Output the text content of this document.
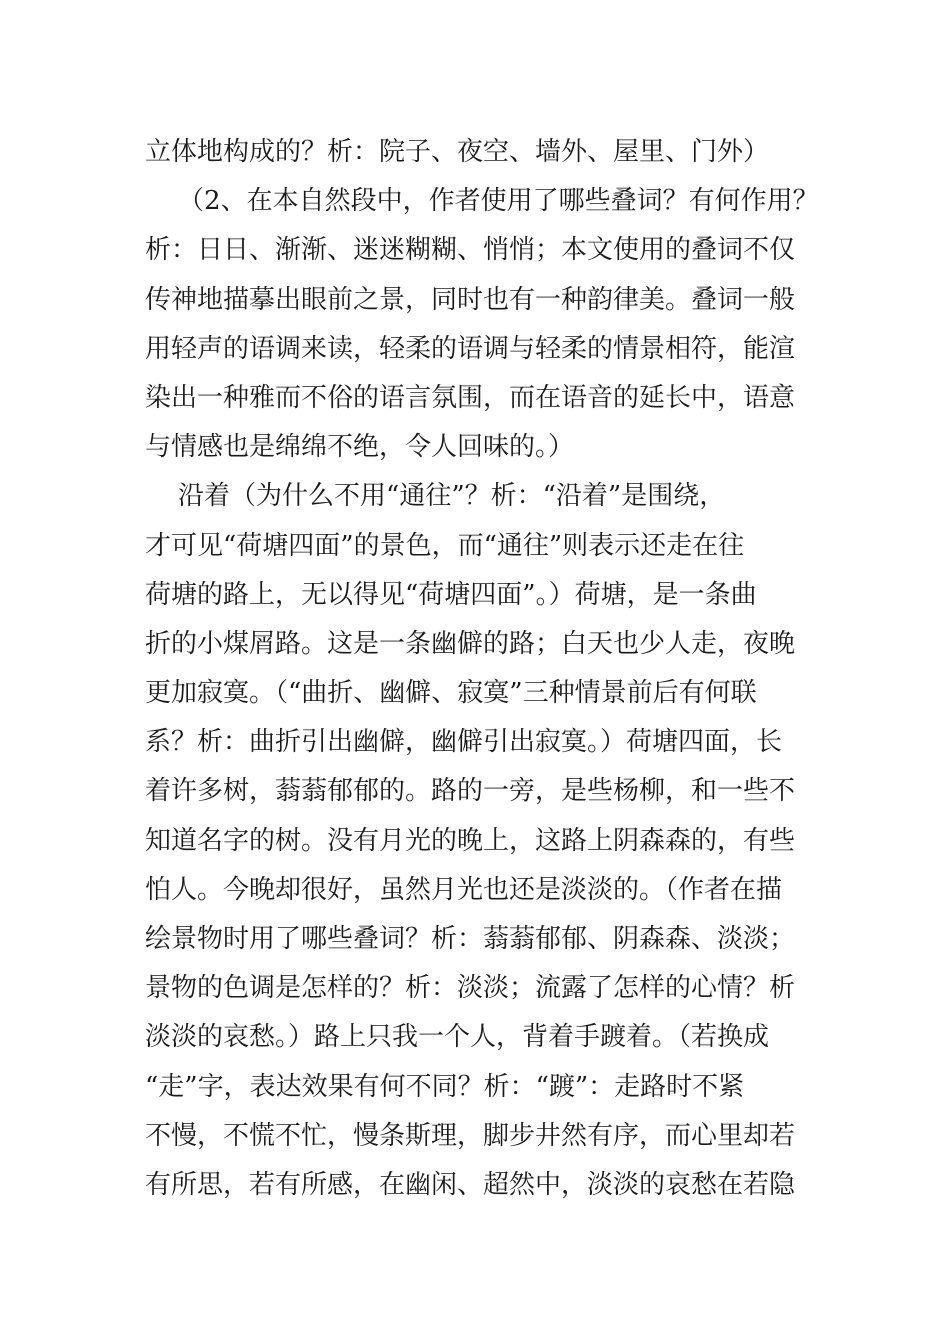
立体地构成的？析：院子、夜空、墙外、屋里、门外）
（2、在本自然段中，作者使用了哪些叠词？有何作用？
析：日日、渐渐、迷迷糊糊、悄悄；本文使用的叠词不仅
传神地描摹出眼前之景，同时也有一种韵律美。叠词一般
用轻声的语调来读，轻柔的语调与轻柔的情景相符，能渲
染出一种雅而不俗的语言氛围，而在语音的延长中，语意
与情感也是绵绵不绝，令人回味的。）
沿着（为什么不用“通往”？析：“沿着”是围绕，
才可见“荷塘四面”的景色，而“通往”则表示还走在往
荷塘的路上，无以得见“荷塘四面”。）荷塘，是一条曲
折的小煤屑路。这是一条幽僻的路；白天也少人走，夜晚
更加寂寞。（“曲折、幽僻、寂寞”三种情景前后有何联
系？析：曲折引出幽僻，幽僻引出寂寞。）荷塘四面，长
着许多树，蓊蓊郁郁的。路的一旁，是些杨柳，和一些不
知道名字的树。没有月光的晚上，这路上阴森森的，有些
怕人。今晚却很好，虽然月光也还是淡淡的。（作者在描
绘景物时用了哪些叠词？析：蓊蓊郁郁、阴森森、淡淡；
景物的色调是怎样的？析：淡淡；流露了怎样的心情？析
淡淡的哀愁。）路上只我一个人，背着手踱着。（若换成
“走”字，表达效果有何不同？析：“踱”：走路时不紧
不慢，不慌不忙，慢条斯理，脚步井然有序，而心里却若
有所思，若有所感，在幽闲、超然中，淡淡的哀愁在若隐
